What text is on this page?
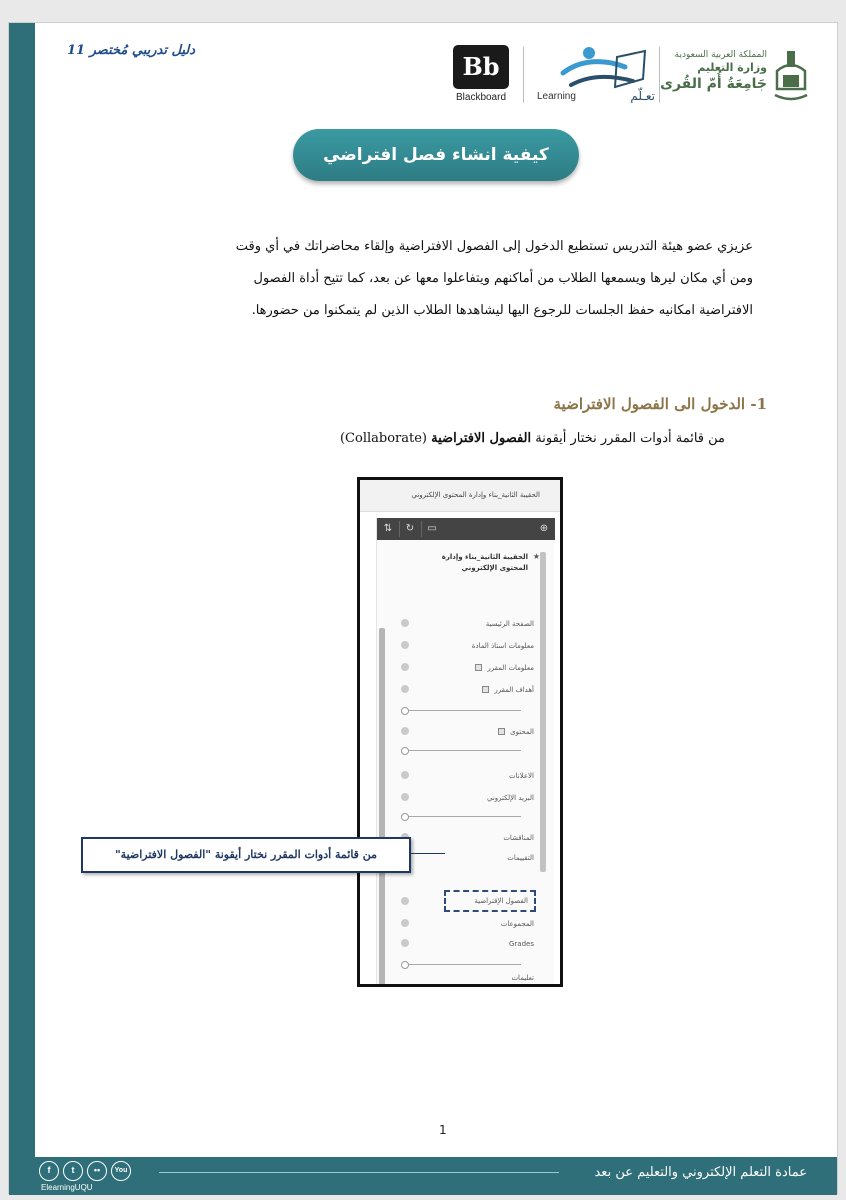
دليل تدريبي مُختصر 11
Bb
Blackboard	Learning	تعـلّم
المملكة العربية السعودية
وزارة التعليم
جَامِعَةُ أُمّ القُرى
كيفية انشاء فصل افتراضي
عزيزي عضو هيئة التدريس تستطيع الدخول إلى الفصول الافتراضية وإلقاء محاضراتك في أي وقت
ومن أي مكان ليرها ويسمعها الطلاب من أماكنهم ويتفاعلوا معها عن بعد، كما تتيح أداة الفصول
الافتراضية امكانيه حفظ الجلسات للرجوع اليها ليشاهدها الطلاب الذين لم يتمكنوا من حضورها.
1- الدخول الى الفصول الافتراضية
من قائمة أدوات المقرر نختار أيقونة الفصول الافتراضية (Collaborate)
الحقيبة الثانية_بناء وإدارة المحتوى الإلكتروني
⇅	↻	▭	⊕
★
الحقيبة الثانية_بناء وإدارة المحتوى الإلكتروني
الصفحة الرئيسية
معلومات استاذ المادة
معلومات المقرر
أهداف المقرر
المحتوى
الاعلانات
البريد الإلكتروني
المناقشات
التقييمات
الفصول الإفتراضية
المجموعات
Grades
تعليمات
من قائمة أدوات المقرر نختار أيقونة "الفصول الافتراضية"
1
عمادة التعلم الإلكتروني والتعليم عن بعد
f	t	••	You
ElearningUQU
